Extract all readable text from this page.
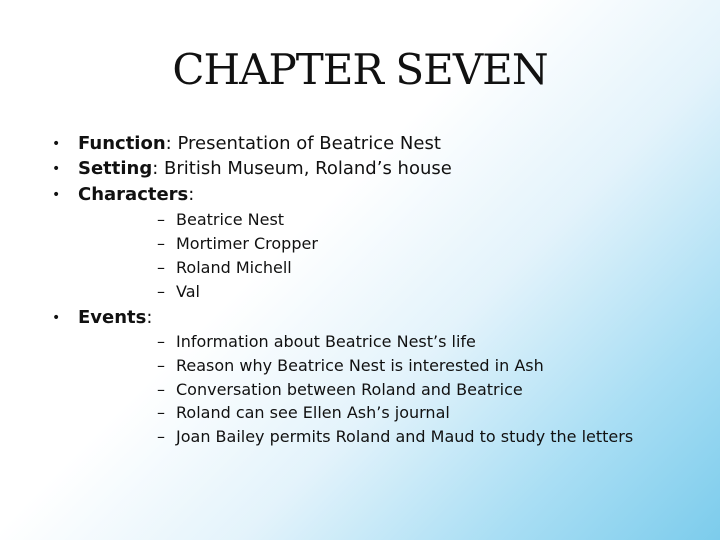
CHAPTER SEVEN
• Function: Presentation of Beatrice Nest
• Setting: British Museum, Roland’s house
• Characters:
– Beatrice Nest
– Mortimer Cropper
– Roland Michell
– Val
• Events:
– Information about Beatrice Nest’s life
– Reason why Beatrice Nest is interested in Ash
– Conversation between Roland and Beatrice
– Roland can see Ellen Ash’s journal
– Joan Bailey permits Roland and Maud to study the letters
